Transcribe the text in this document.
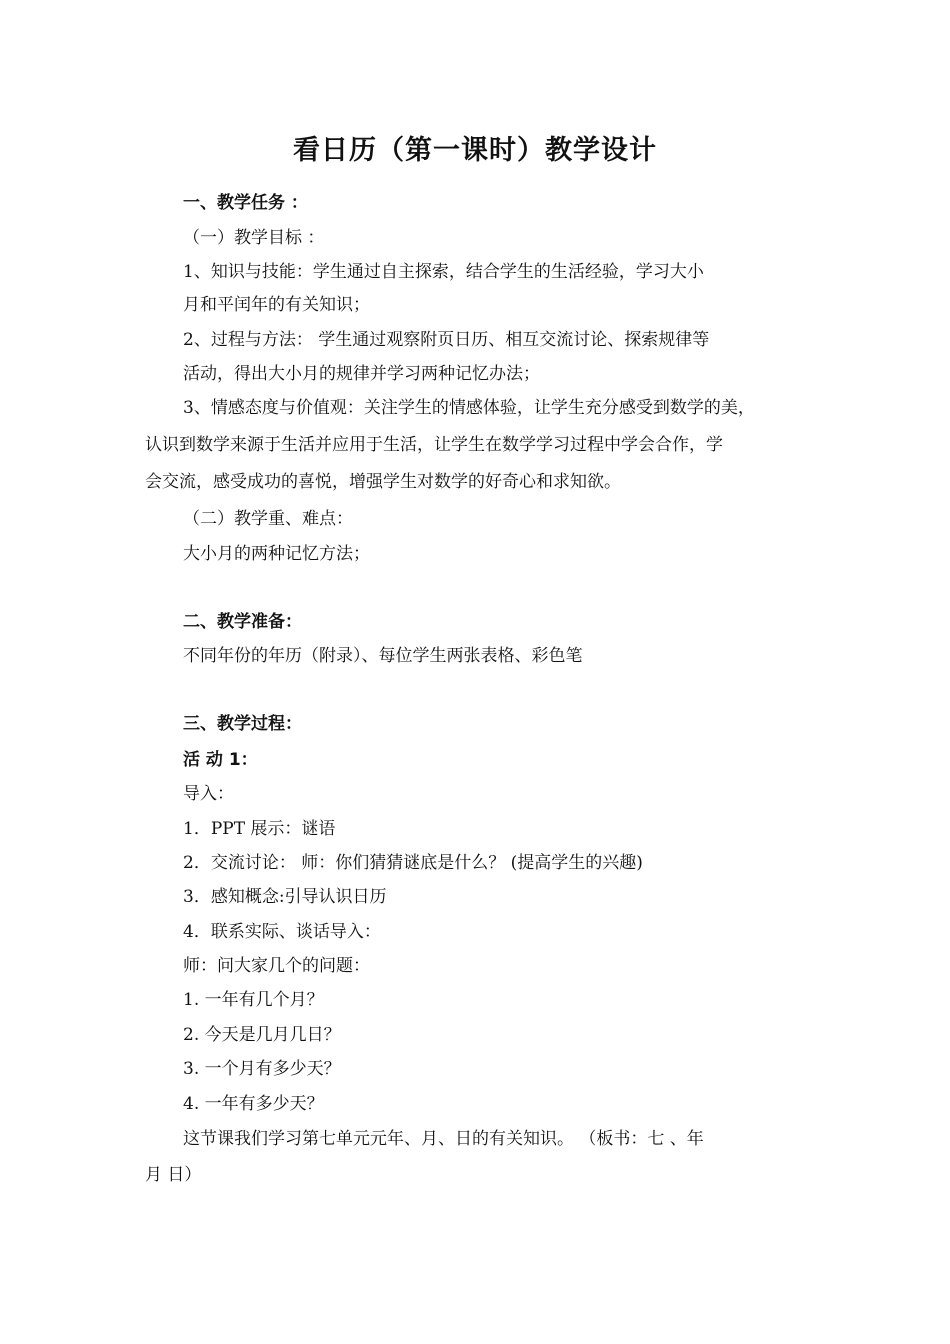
看日历（第一课时）教学设计
一、教学任务 ：
（一）教学目标 ：
1、知识与技能：学生通过自主探索，结合学生的生活经验，学习大小
月和平闰年的有关知识；
2、过程与方法： 学生通过观察附页日历、相互交流讨论、探索规律等
活动，得出大小月的规律并学习两种记忆办法；
3、情感态度与价值观：关注学生的情感体验，让学生充分感受到数学的美，
认识到数学来源于生活并应用于生活，让学生在数学学习过程中学会合作，学
会交流，感受成功的喜悦，增强学生对数学的好奇心和求知欲。
（二）教学重、难点：
大小月的两种记忆方法；
二、教学准备：
不同年份的年历（附录）、每位学生两张表格、彩色笔
三、教学过程：
活 动 1：
导入：
1．PPT 展示：谜语
2．交流讨论： 师：你们猜猜谜底是什么？ (提高学生的兴趣)
3．感知概念:引导认识日历
4．联系实际、谈话导入：
师：问大家几个的问题：
1. 一年有几个月？
2. 今天是几月几日？
3. 一个月有多少天？
4. 一年有多少天？
这节课我们学习第七单元元年、月、日的有关知识。 （板书：七 、年
月 日）
